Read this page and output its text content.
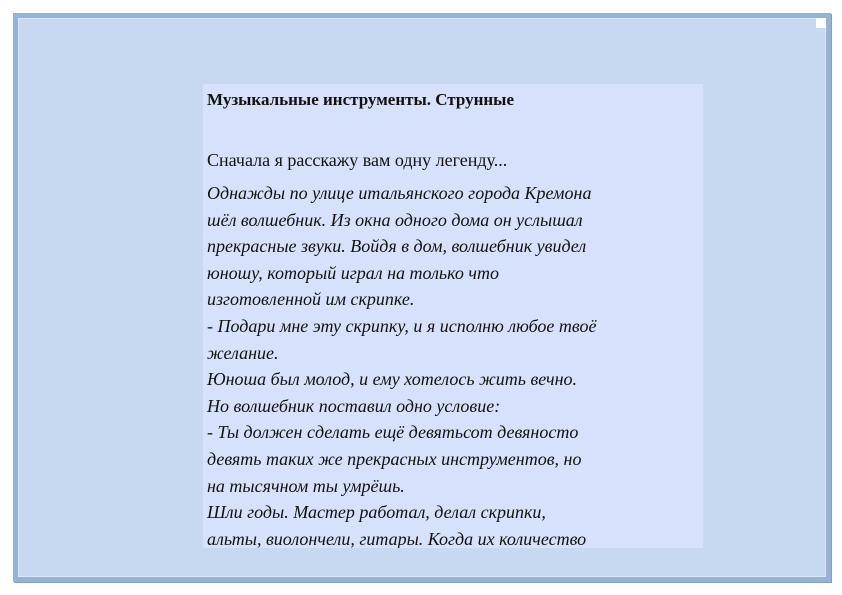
Музыкальные инструменты. Струнные
Сначала я расскажу вам одну легенду...
Однажды по улице итальянского города Кремона
шёл волшебник. Из окна одного дома он услышал
прекрасные звуки. Войдя в дом, волшебник увидел
юношу, который играл на только что
изготовленной им скрипке.
- Подари мне эту скрипку, и я исполню любое твоё
желание.
Юноша был молод, и ему хотелось жить вечно.
Но волшебник поставил одно условие:
- Ты должен сделать ещё девятьсот девяносто
девять таких же прекрасных инструментов, но
на тысячном ты умрёшь.
Шли годы. Мастер работал, делал скрипки,
альты, виолончели, гитары. Когда их количество
